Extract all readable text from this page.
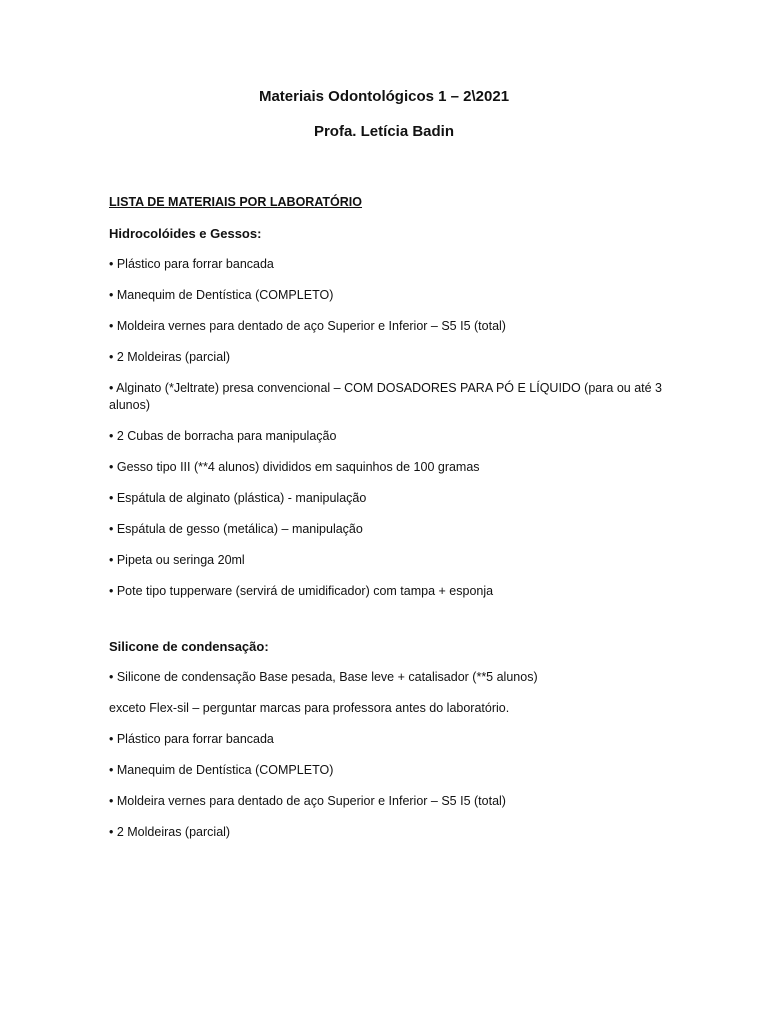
Materiais Odontológicos 1 – 2\2021
Profa. Letícia Badin
LISTA DE MATERIAIS POR LABORATÓRIO
Hidrocolóides e Gessos:
• Plástico para forrar bancada
• Manequim de Dentística (COMPLETO)
• Moldeira vernes para dentado de aço Superior e Inferior – S5 I5 (total)
• 2 Moldeiras (parcial)
• Alginato (*Jeltrate) presa convencional – COM DOSADORES PARA PÓ E LÍQUIDO (para ou até 3 alunos)
• 2 Cubas de borracha para manipulação
• Gesso tipo III (**4 alunos) divididos em saquinhos de 100 gramas
• Espátula de alginato (plástica) - manipulação
• Espátula de gesso (metálica) – manipulação
• Pipeta ou seringa 20ml
• Pote tipo tupperware (servirá de umidificador) com tampa + esponja
Silicone de condensação:
• Silicone de condensação Base pesada, Base leve + catalisador (**5 alunos)
exceto Flex-sil – perguntar marcas para professora antes do laboratório.
• Plástico para forrar bancada
• Manequim de Dentística (COMPLETO)
• Moldeira vernes para dentado de aço Superior e Inferior – S5 I5 (total)
• 2 Moldeiras (parcial)
